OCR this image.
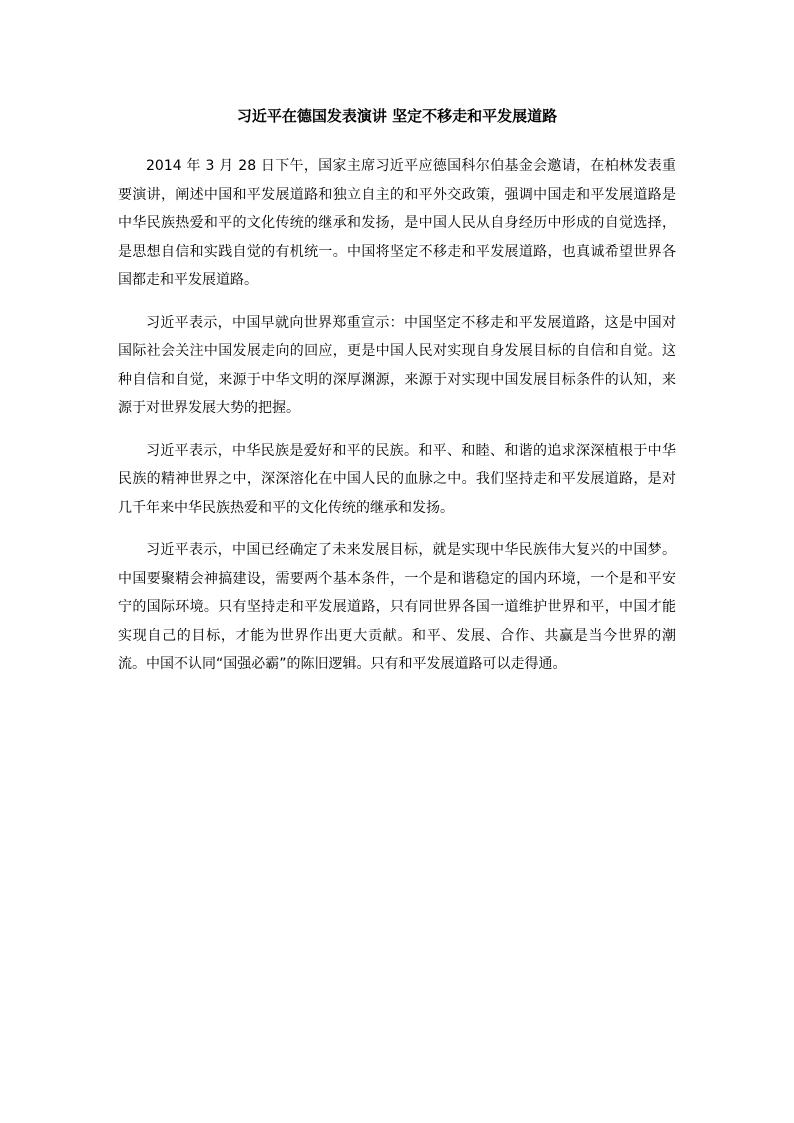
习近平在德国发表演讲 坚定不移走和平发展道路

2014 年 3 月 28 日下午，国家主席习近平应德国科尔伯基金会邀请，在柏林发表重要演讲，阐述中国和平发展道路和独立自主的和平外交政策，强调中国走和平发展道路是中华民族热爱和平的文化传统的继承和发扬，是中国人民从自身经历中形成的自觉选择，是思想自信和实践自觉的有机统一。中国将坚定不移走和平发展道路，也真诚希望世界各国都走和平发展道路。

习近平表示，中国早就向世界郑重宣示：中国坚定不移走和平发展道路，这是中国对国际社会关注中国发展走向的回应，更是中国人民对实现自身发展目标的自信和自觉。这种自信和自觉，来源于中华文明的深厚渊源，来源于对实现中国发展目标条件的认知，来源于对世界发展大势的把握。

习近平表示，中华民族是爱好和平的民族。和平、和睦、和谐的追求深深植根于中华民族的精神世界之中，深深溶化在中国人民的血脉之中。我们坚持走和平发展道路，是对几千年来中华民族热爱和平的文化传统的继承和发扬。

习近平表示，中国已经确定了未来发展目标，就是实现中华民族伟大复兴的中国梦。中国要聚精会神搞建设，需要两个基本条件，一个是和谐稳定的国内环境，一个是和平安宁的国际环境。只有坚持走和平发展道路，只有同世界各国一道维护世界和平，中国才能实现自己的目标，才能为世界作出更大贡献。和平、发展、合作、共赢是当今世界的潮流。中国不认同“国强必霸”的陈旧逻辑。只有和平发展道路可以走得通。
